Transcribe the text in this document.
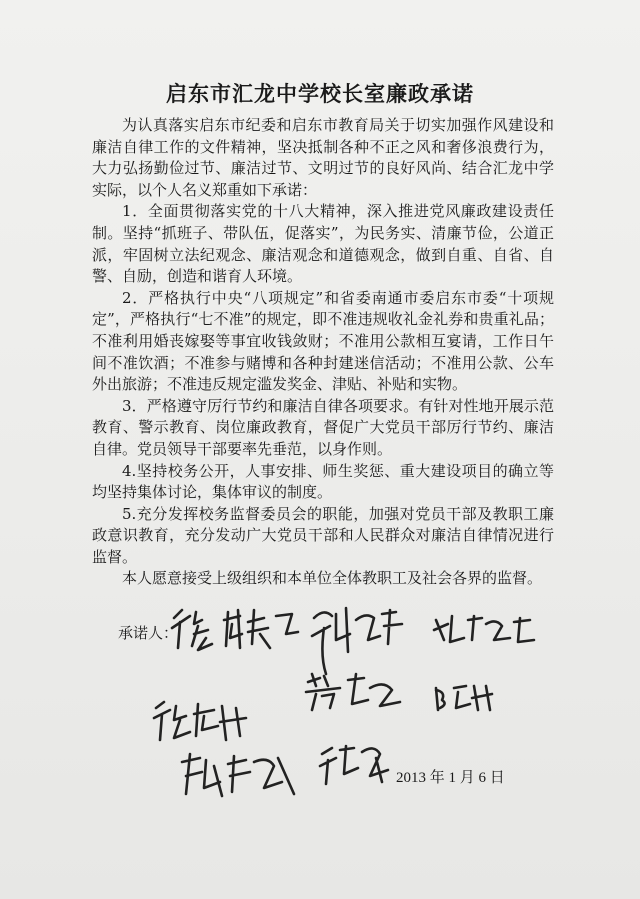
启东市汇龙中学校长室廉政承诺

为认真落实启东市纪委和启东市教育局关于切实加强作风建设和廉洁自律工作的文件精神，坚决抵制各种不正之风和奢侈浪费行为，大力弘扬勤俭过节、廉洁过节、文明过节的良好风尚、结合汇龙中学实际，以个人名义郑重如下承诺：

1．全面贯彻落实党的十八大精神，深入推进党风廉政建设责任制。坚持“抓班子、带队伍，促落实”，为民务实、清廉节俭，公道正派，牢固树立法纪观念、廉洁观念和道德观念，做到自重、自省、自警、自励，创造和谐育人环境。

2．严格执行中央“八项规定”和省委南通市委启东市委“十项规定”，严格执行“七不准”的规定，即不准违规收礼金礼券和贵重礼品；不准利用婚丧嫁娶等事宜收钱敛财；不准用公款相互宴请，工作日午间不准饮酒；不准参与赌博和各种封建迷信活动；不准用公款、公车外出旅游；不准违反规定滥发奖金、津贴、补贴和实物。

3．严格遵守厉行节约和廉洁自律各项要求。有针对性地开展示范教育、警示教育、岗位廉政教育，督促广大党员干部厉行节约、廉洁自律。党员领导干部要率先垂范，以身作则。

4.坚持校务公开，人事安排、师生奖惩、重大建设项目的确立等均坚持集体讨论，集体审议的制度。

5.充分发挥校务监督委员会的职能，加强对党员干部及教职工廉政意识教育，充分发动广大党员干部和人民群众对廉洁自律情况进行监督。

本人愿意接受上级组织和本单位全体教职工及社会各界的监督。

承诺人：
2013 年 1 月 6 日
